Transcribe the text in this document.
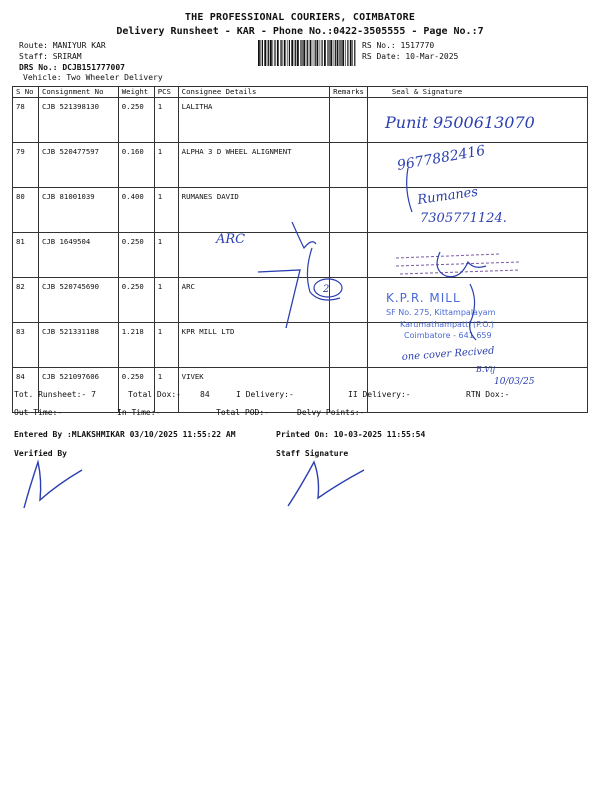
THE PROFESSIONAL COURIERS, COIMBATORE
Delivery Runsheet - KAR - Phone No.:0422-3505555 - Page No.:7
Route: MANIYUR KAR
Staff: SRIRAM
DRS No.: DCJB151777007
Vehicle: Two Wheeler Delivery
RS No.: 1517770
RS Date: 10-Mar-2025
S No	Consignment No	Weight	PCS	Consignee Details	Remarks	Seal & Signature
78	CJB 521398130	0.250	1	LALITHA		
79	CJB 520477597	0.160	1	ALPHA 3 D WHEEL ALIGNMENT		
80	CJB 81001039	0.400	1	RUMANES DAVID		
81	CJB 1649504	0.250	1			
82	CJB 520745690	0.250	1	ARC		
83	CJB 521331188	1.218	1	KPR MILL LTD		
84	CJB 521097606	0.250	1	VIVEK		
Tot. Runsheet:- 7	Total Dox:- 84	I Delivery:-	II Delivery:-	RTN Dox:-
Out Time:-	In Time:-	Total POD:-	Delvy Points:-
Entered By :MLAKSHMIKAR 03/10/2025 11:55:22 AM	Printed On: 10-03-2025 11:55:54
Verified By	Staff Signature
Punit 9500613070
9677882416
Rumanes
7305771124.
ARC
2
K.P.R. MILL
SF No. 275, Kittampalayam
Karumathampatti (P.O.)
Coimbatore - 641 659
one cover Recived
B.Vij
10/03/25
